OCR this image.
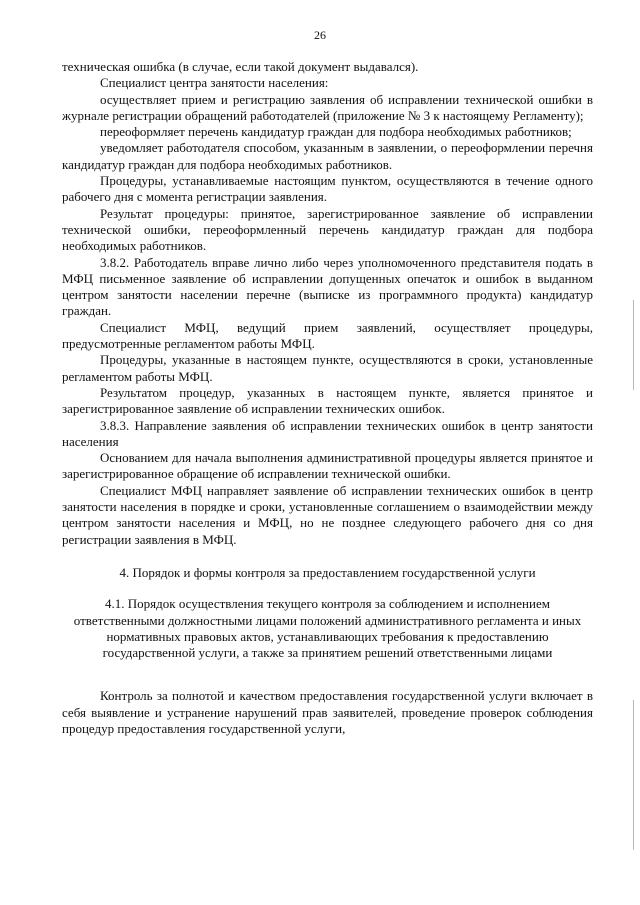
26

техническая ошибка (в случае, если такой документ выдавался).

Специалист центра занятости населения:

осуществляет прием и регистрацию заявления об исправлении технической ошибки в журнале регистрации обращений работодателей (приложение № 3 к настоящему Регламенту);

переоформляет перечень кандидатур граждан для подбора необходимых работников;

уведомляет работодателя способом, указанным в заявлении, о переоформлении перечня кандидатур граждан для подбора необходимых работников.

Процедуры, устанавливаемые настоящим пунктом, осуществляются в течение одного рабочего дня с момента регистрации заявления.

Результат процедуры: принятое, зарегистрированное заявление об исправлении технической ошибки, переоформленный перечень кандидатур граждан для подбора необходимых работников.

3.8.2. Работодатель вправе лично либо через уполномоченного представителя подать в МФЦ письменное заявление об исправлении допущенных опечаток и ошибок в выданном центром занятости населении перечне (выписке из программного продукта) кандидатур граждан.

Специалист МФЦ, ведущий прием заявлений, осуществляет процедуры, предусмотренные регламентом работы МФЦ.

Процедуры, указанные в настоящем пункте, осуществляются в сроки, установленные регламентом работы МФЦ.

Результатом процедур, указанных в настоящем пункте, является принятое и зарегистрированное заявление об исправлении технических ошибок.

3.8.3. Направление заявления об исправлении технических ошибок в центр занятости населения

Основанием для начала выполнения административной процедуры является принятое и зарегистрированное обращение об исправлении технической ошибки.

Специалист МФЦ направляет заявление об исправлении технических ошибок в центр занятости населения в порядке и сроки, установленные соглашением о взаимодействии между центром занятости населения и МФЦ, но не позднее следующего рабочего дня со дня регистрации заявления в МФЦ.

4. Порядок и формы контроля за предоставлением государственной услуги

4.1. Порядок осуществления текущего контроля за соблюдением и исполнением ответственными должностными лицами положений административного регламента и иных нормативных правовых актов, устанавливающих требования к предоставлению государственной услуги, а также за принятием решений ответственными лицами

Контроль за полнотой и качеством предоставления государственной услуги включает в себя выявление и устранение нарушений прав заявителей, проведение проверок соблюдения процедур предоставления государственной услуги,
